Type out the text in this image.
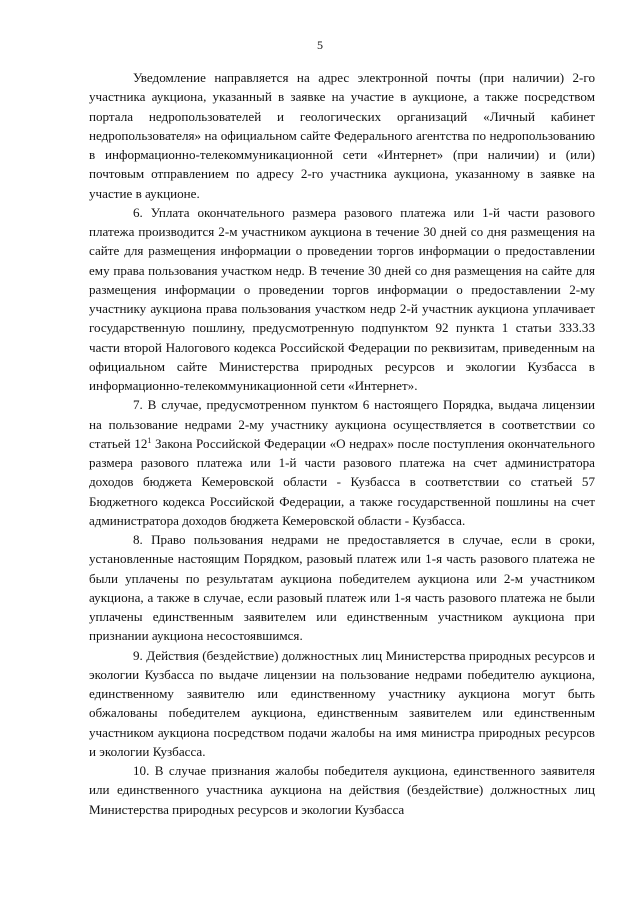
5

Уведомление направляется на адрес электронной почты (при наличии) 2-го участника аукциона, указанный в заявке на участие в аукционе, а также посредством портала недропользователей и геологических организаций «Личный кабинет недропользователя» на официальном сайте Федерального агентства по недропользованию в информационно-телекоммуникационной сети «Интернет» (при наличии) и (или) почтовым отправлением по адресу 2-го участника аукциона, указанному в заявке на участие в аукционе.

6. Уплата окончательного размера разового платежа или 1-й части разового платежа производится 2-м участником аукциона в течение 30 дней со дня размещения на сайте для размещения информации о проведении торгов информации о предоставлении ему права пользования участком недр. В течение 30 дней со дня размещения на сайте для размещения информации о проведении торгов информации о предоставлении 2-му участнику аукциона права пользования участком недр 2-й участник аукциона уплачивает государственную пошлину, предусмотренную подпунктом 92 пункта 1 статьи 333.33 части второй Налогового кодекса Российской Федерации по реквизитам, приведенным на официальном сайте Министерства природных ресурсов и экологии Кузбасса в информационно-телекоммуникационной сети «Интернет».

7. В случае, предусмотренном пунктом 6 настоящего Порядка, выдача лицензии на пользование недрами 2-му участнику аукциона осуществляется в соответствии со статьей $12^1$ Закона Российской Федерации «О недрах» после поступления окончательного размера разового платежа или 1-й части разового платежа на счет администратора доходов бюджета Кемеровской области - Кузбасса в соответствии со статьей 57 Бюджетного кодекса Российской Федерации, а также государственной пошлины на счет администратора доходов бюджета Кемеровской области - Кузбасса.

8. Право пользования недрами не предоставляется в случае, если в сроки, установленные настоящим Порядком, разовый платеж или 1-я часть разового платежа не были уплачены по результатам аукциона победителем аукциона или 2-м участником аукциона, а также в случае, если разовый платеж или 1-я часть разового платежа не были уплачены единственным заявителем или единственным участником аукциона при признании аукциона несостоявшимся.

9. Действия (бездействие) должностных лиц Министерства природных ресурсов и экологии Кузбасса по выдаче лицензии на пользование недрами победителю аукциона, единственному заявителю или единственному участнику аукциона могут быть обжалованы победителем аукциона, единственным заявителем или единственным участником аукциона посредством подачи жалобы на имя министра природных ресурсов и экологии Кузбасса.

10. В случае признания жалобы победителя аукциона, единственного заявителя или единственного участника аукциона на действия (бездействие) должностных лиц Министерства природных ресурсов и экологии Кузбасса
